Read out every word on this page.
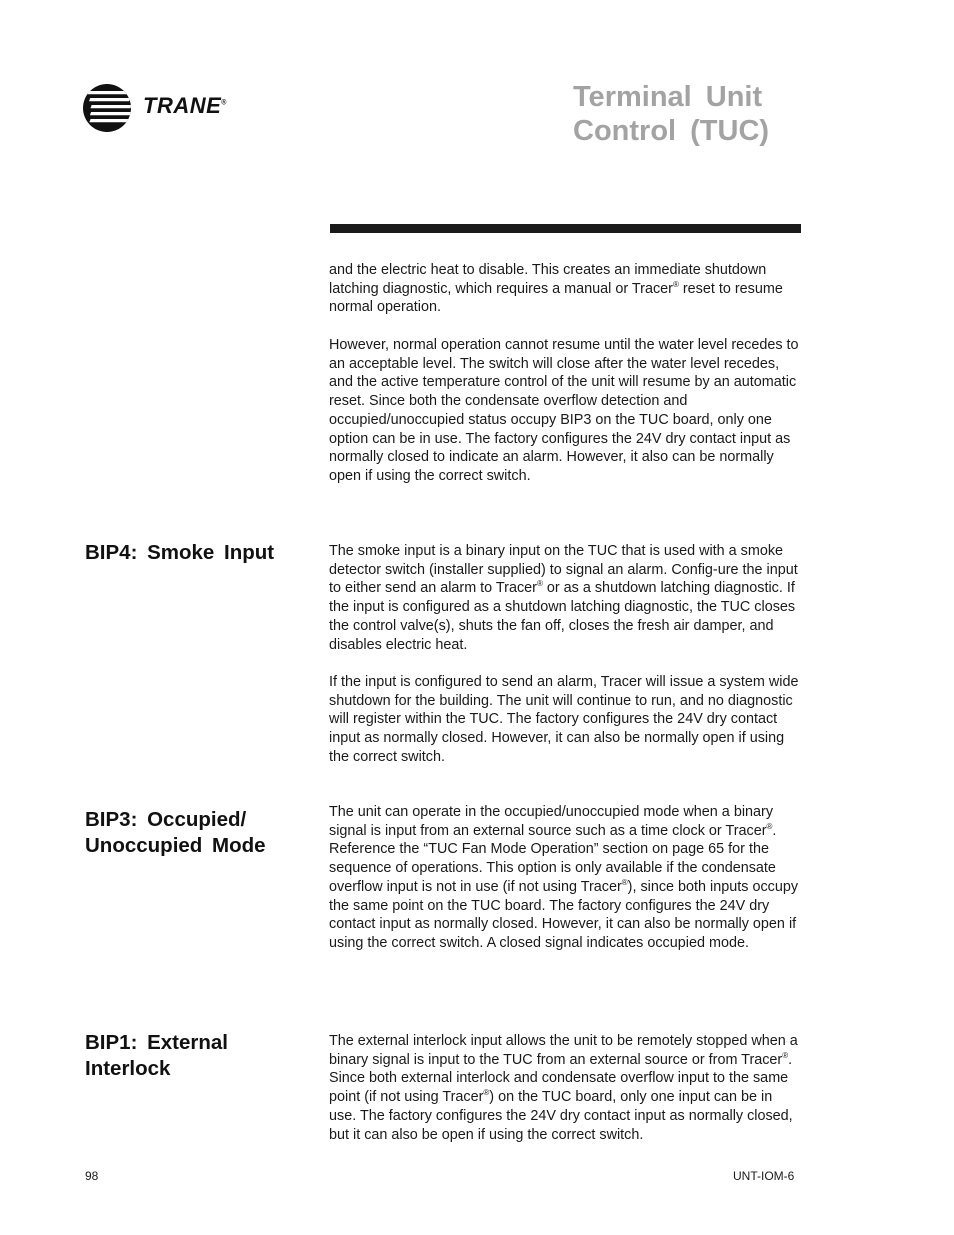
TRANE®	Terminal Unit
Control (TUC)

and the electric heat to disable. This creates an immediate shutdown latching diagnostic, which requires a manual or Tracer® reset to resume normal operation.

However, normal operation cannot resume until the water level recedes to an acceptable level. The switch will close after the water level recedes, and the active temperature control of the unit will resume by an automatic reset. Since both the condensate overflow detection and occupied/unoccupied status occupy BIP3 on the TUC board, only one option can be in use. The factory configures the 24V dry contact input as normally closed to indicate an alarm. However, it also can be normally open if using the correct switch.

BIP4: Smoke Input	The smoke input is a binary input on the TUC that is used with a smoke detector switch (installer supplied) to signal an alarm. Config-ure the input to either send an alarm to Tracer® or as a shutdown latching diagnostic. If the input is configured as a shutdown latching diagnostic, the TUC closes the control valve(s), shuts the fan off, closes the fresh air damper, and disables electric heat.

If the input is configured to send an alarm, Tracer will issue a system wide shutdown for the building. The unit will continue to run, and no diagnostic will register within the TUC. The factory configures the 24V dry contact input as normally closed. However, it can also be normally open if using the correct switch.

BIP3: Occupied/
Unoccupied Mode

The unit can operate in the occupied/unoccupied mode when a binary signal is input from an external source such as a time clock or Tracer®. Reference the “TUC Fan Mode Operation” section on page 65 for the sequence of operations. This option is only available if the condensate overflow input is not in use (if not using Tracer®), since both inputs occupy the same point on the TUC board. The factory configures the 24V dry contact input as normally closed. However, it can also be normally open if using the correct switch. A closed signal indicates occupied mode.

BIP1: External
Interlock

The external interlock input allows the unit to be remotely stopped when a binary signal is input to the TUC from an external source or from Tracer®. Since both external interlock and condensate overflow input to the same point (if not using Tracer®) on the TUC board, only one input can be in use. The factory configures the 24V dry contact input as normally closed, but it can also be open if using the correct switch.

98	UNT-IOM-6
